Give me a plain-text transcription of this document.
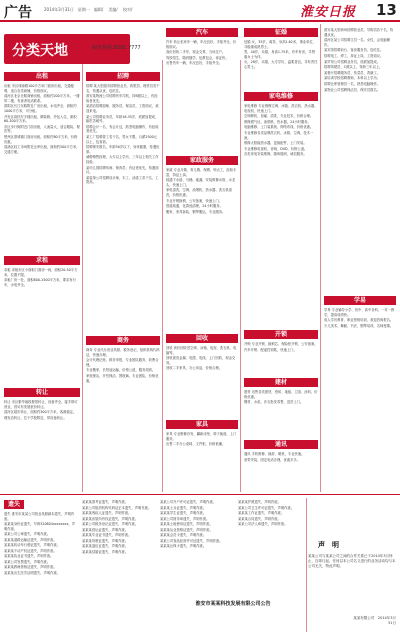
广告	2014年3月31日　星期一　编辑/ 　美编/ 　校对/	淮安日报 13
分类天地	服务热线:6591 7777
出租

出租 市区城南路100平方米门面房出租，交通便利，适合各类商铺，价格面议。

清河区北京北路商铺出租，面积约200平方米，一楼带二楼，有意者电话联系。

淮阴区长江东路附近厂房出租，水电齐全，面积约1000平方米，可分租。

开发区高档写字楼出租，精装修，拎包入住，面积60-300平方米。

市区步行街附近门面出租，人流量大，适合服装、餐饮等。

楚州区淮城镇门面房出租，面积约80平方米，价格优惠。

清浦区轻工市场附近仓库出租，面积约500平方米，交通方便。

求租

求租 求租市区小面积门面房一间，面积20-50平方米，位置不限。

求租厂房一处，面积800-1500平方米，要求有行车，水电齐全。

转让

转让 市区繁华地段餐馆转让，设备齐全，接手即可营业，因另有发展低价转让。

清河区超市转让，面积约300平方米，客源稳定。

理发店转让，位于学校附近，带设备转让。

招聘

招聘 某大型超市招聘营业员、收银员、理货员若干名，待遇从优，包吃住。

淮安某物流公司招聘货车司机，持B照以上，有经验者优先。

某酒店招聘厨师、服务员、保洁员，工资面议，欢迎来电。

某公司招聘业务员，年龄18-35岁，底薪加提成，能吃苦耐劳。

招聘会计一名，有会计证，熟悉电脑操作，有经验者优先。

某工厂招聘普工若干名，男女不限，月薪2500元以上，包食宿。

招聘保安数名，年龄50岁以下，身体健康，待遇优厚。

诚聘销售经理，大专以上学历，三年以上相关工作经验。

某幼儿园招聘幼师、保育员，有证者优先，待遇面议。

某装饰公司招聘设计师、木工、油漆工若干名，工资高。

商务

商务 专业代办营业执照、税务登记、组织机构代码证，快速办理。

会计代理记账、税务申报，专业团队服务，收费合理。

专业搬家、长短途运输，价格公道，服务周到。

家庭保洁、开荒保洁、擦玻璃，专业团队，价格优惠。

汽车

汽车 转让私家车一辆，车况良好，手续齐全，价格面议。

高价回收二手车，现金交易，当场过户。

驾校招生，随到随学，包教包会，拿证快。

出售货车一辆，车况良好，手续齐全。

家政服务

家政 专业月嫂、育儿嫂、保姆、钟点工，经验丰富，持证上岗。

疏通下水道、马桶、地漏，安装维修水管、水龙头，快速上门。

家电清洗，空调、油烟机、热水器、洗衣机清洗，价格优惠。

专业开锁换锁，公安备案，快速上门。

管道疏通、化粪池清理，24小时服务。

搬家、家具拆装、钢琴搬运，专业服务。

回收

回收 高价回收旧空调、冰箱、电视、洗衣机、电脑等。

回收废旧金属、电缆、电线，上门回收，现金交易。

回收二手家具、办公用品，价格合理。

家具

家具 专业维修沙发、翻新床垫、椅子换面，上门服务。

出售二手办公桌椅、文件柜，价格低廉。

征婚

征婚 女，35岁，离异，身高1.62米，事业单位，寻稳重成熟男士。

男，40岁，未婚，身高1.75米，有车有房，寻贤惠女士为伴。

女，28岁，未婚，大专学历，温柔善良，寻有责任心男士。

家电维修

家电维修 专业维修空调、冰箱、洗衣机、热水器、电视机，快速上门。

空调移机、加氟、清洗，专业技术，价格合理。

维修燃气灶、油烟机、热水器，24小时服务。

电脑维修、上门装系统、网络布线，价格优惠。

专业维修各类品牌洗衣机、冰箱、空调，技术一流。

维修太阳能热水器，更换配件，上门安装。

专业维修电视机、音响、DVD，价格公道。

各类家电安装维修，随叫随到，诚信服务。

开锁

开锁 专业开锁、换锁芯、保险柜开锁，公安备案。

汽车开锁、配遥控钥匙，快速上门。

建材

建材 出售各类建材，瓷砖、地板、卫浴、涂料，价格优惠。

钢材、水泥、沙石批发零售，送货上门。

通讯

通讯 手机维修、换屏、刷机，专业快速。

宽带安装、固定电话办理，优惠多多。

淮安某大型商场招聘营业员、导购员若干名，待遇从优。

清河区某公司招聘文员一名，女性，会电脑操作。

某宾馆招聘前台、客房服务员，包吃住。

招聘电工、焊工，持证上岗，工资面议。

某贸易公司招聘业务员，底薪加提成。

招聘驾驶员，C照以上，驾龄三年以上。

某餐厅招聘服务员、传菜员、洗碗工。

某培训学校招聘教师，本科以上学历。

招聘仓库管理员一名，熟悉电脑操作。

某物业公司招聘保洁员、保安员数名。

学易

学易 专业辅导小学、初中、高中各科，一对一教学，提高成绩快。

成人学历教育、职业资格培训，欢迎咨询报名。

少儿美术、舞蹈、书法、钢琴培训，名师授课。

遗失

遗失 淮安市某某公司营业执照副本遗失，声明作废。

某某某身份证遗失，号码320804xxxxxxxx，声明作废。

某某公司公章遗失，声明作废。

某某某道路运输证遗失，声明作废。

某某某机动车行驶证遗失，声明作废。

某某某不动产权证遗失，声明作废。

某某某执业证书遗失，声明作废。

某某公司发票遗失，声明作废。

某某某教师资格证遗失，声明作废。

某某某出生医学证明遗失，声明作废。

某某某准考证遗失，声明作废。

某某公司组织机构代码证正本遗失，声明作废。

某某某残疾人证遗失，声明作废。

某某某房屋所有权证遗失，声明作废。

某某公司税务登记证遗失，声明作废。

某某某营运证遗失，声明作废。

某某某毕业证书遗失，声明作废。

某某某驾驶证遗失，声明作废。

某某某退伍证遗失，声明作废。

某某某结婚证遗失，声明作废。

某某公司开户许可证遗失，声明作废。

某某某士兵证遗失，声明作废。

某某某学生证遗失，声明作废。

某某公司财务章遗失，声明作废。

某某某土地使用证遗失，声明作废。

某某某从业资格证遗失，声明作废。

某某某会员卡遗失，声明作废。

某某公司食品经营许可证遗失，声明作废。

某某某社保卡遗失，声明作废。

某某某护照遗失，声明作废。

某某公司卫生许可证遗失，声明作废。

某某某工作证遗失，声明作废。

某某某合同遗失，声明作废。

某某公司法人章遗失，声明作废。

淮安市某某科技发展有限公司公告
声　明
某某公司与某某公司之间的合作关系已于2014年3月终止，自即日起，任何以本公司名义进行的业务活动均与本公司无关，特此声明。
某某有限公司　2014年3月31日
